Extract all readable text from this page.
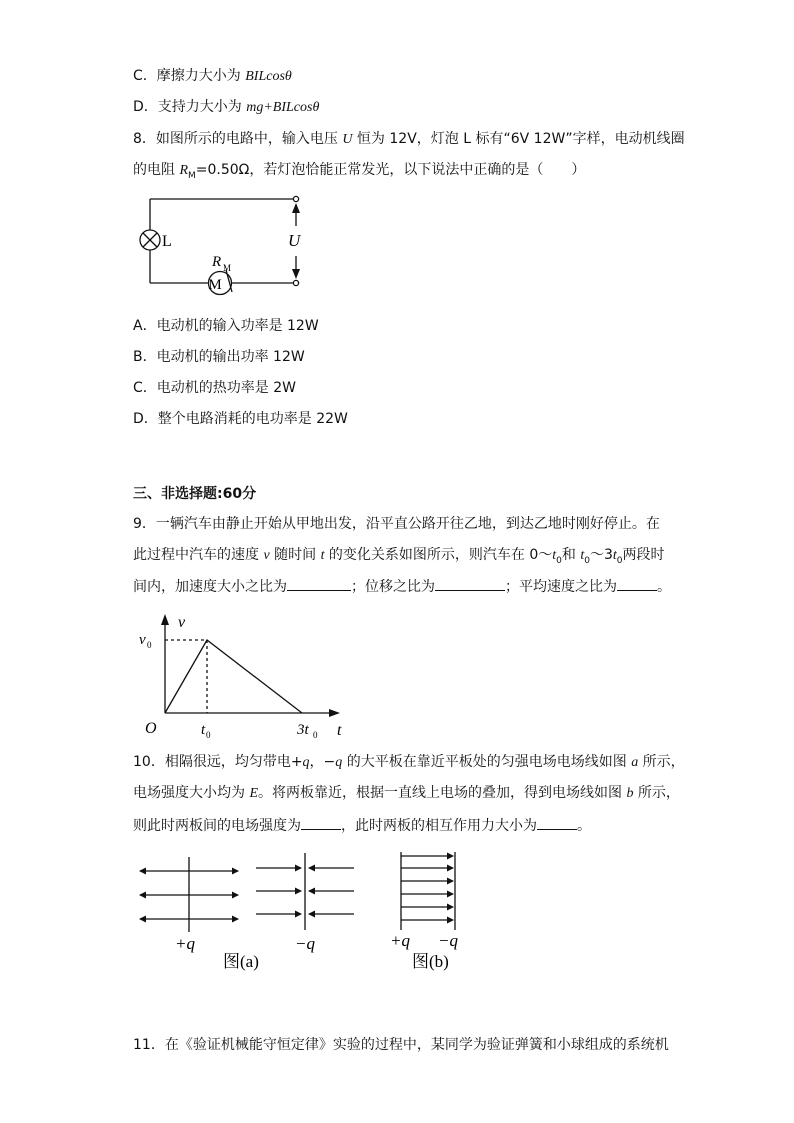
C．摩擦力大小为 BILcosθ
D．支持力大小为 mg+BILcosθ
8．如图所示的电路中，输入电压 U 恒为 12V，灯泡 L 标有“6V 12W”字样，电动机线圈
的电阻 $R_M=0.50\Omega$，若灯泡恰能正常发光，以下说法中正确的是（　　）
M
L	U
R M
A．电动机的输入功率是 12W
B．电动机的输出功率 12W
C．电动机的热功率是 2W
D．整个电路消耗的电功率是 22W
三、非选择题:60分
9．一辆汽车由静止开始从甲地出发，沿平直公路开往乙地，到达乙地时刚好停止。在
此过程中汽车的速度 v 随时间 t 的变化关系如图所示，则汽车在 $0\sim t_0$和 $t_0\sim 3t_0$两段时
间内，加速度大小之比为	；位移之比为	；平均速度之比为	。
v
t
O
v 0
t 0	3t 0
10．相隔很远，均匀带电+q，−q 的大平板在靠近平板处的匀强电场电场线如图 a 所示，
电场强度大小均为 E。将两板靠近，根据一直线上电场的叠加，得到电场线如图 b 所示，
则此时两板间的电场强度为	，此时两板的相互作用力大小为	。
+q	−q
图(a)
+q −q
图(b)
11．在《验证机械能守恒定律》实验的过程中，某同学为验证弹簧和小球组成的系统机
